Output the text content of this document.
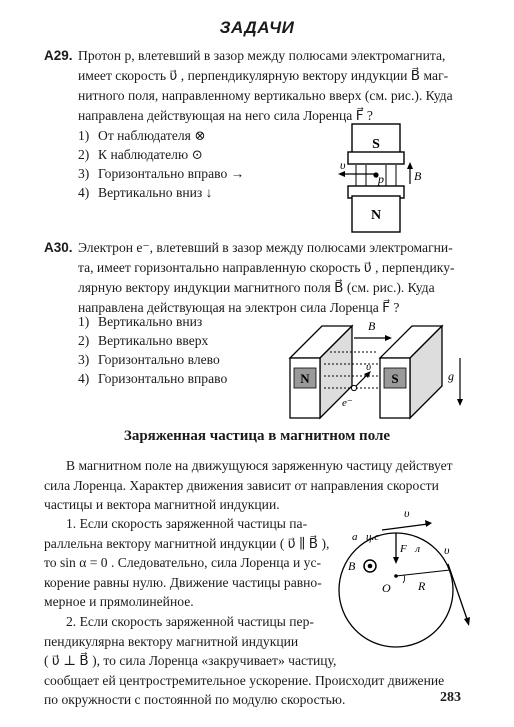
ЗАДАЧИ
А29. Протон p, влетевший в зазор между полюсами электромагнита,
имеет скорость υ⃗ , перпендикулярную вектору индукции B⃗ маг-
нитного поля, направленному вертикально вверх (см. рис.). Куда
направлена действующая на него сила Лоренца F⃗ ?
1) От наблюдателя ⊗
2) К наблюдателю ⊙
3) Горизонтально вправо →
4) Вертикально вниз ↓
S
N
B⃗
υ⃗
p
А30. Электрон e⁻, влетевший в зазор между полюсами электромагни-
та, имеет горизонтально направленную скорость υ⃗ , перпендику-
лярную вектору индукции магнитного поля B⃗ (см. рис.). Куда
направлена действующая на электрон сила Лоренца F⃗ ?
1) Вертикально вниз
2) Вертикально вверх
3) Горизонтально влево
4) Горизонтально вправо	N	S
B⃗
υ⃗
e⁻
g⃗
Заряженная частица в магнитном поле
В магнитном поле на движущуюся заряженную частицу действует
сила Лоренца. Характер движения зависит от направления скорости
частицы и вектора магнитной индукции.
1. Если скорость заряженной частицы па-
раллельна вектору магнитной индукции ( υ⃗ ∥ B⃗ ),
то sin α = 0 . Следовательно, сила Лоренца и ус-
корение равны нулю. Движение частицы равно-
мерное и прямолинейное.
2. Если скорость заряженной частицы пер-
пендикулярна вектору магнитной индукции
( υ⃗ ⊥ B⃗ ), то сила Лоренца «закручивает» частицу,
сообщает ей центростремительное ускорение. Происходит движение
по окружности с постоянной по модулю скоростью.
υ⃗
a⃗ц.с
F⃗л υ⃗
B⃗
O R
283
